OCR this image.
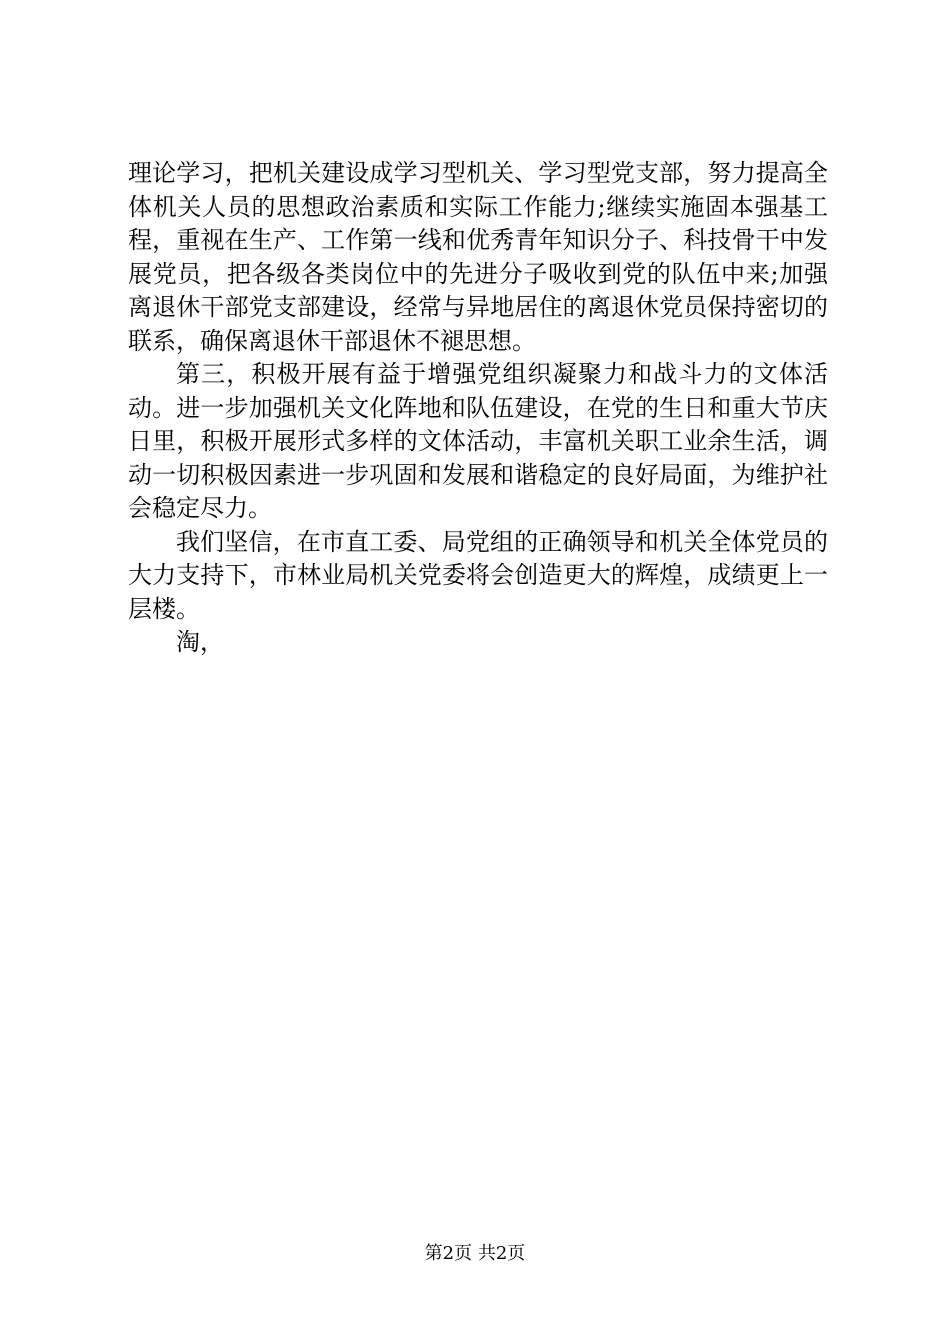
理论学习，把机关建设成学习型机关、学习型党支部，努力提高全体机关人员的思想政治素质和实际工作能力;继续实施固本强基工程，重视在生产、工作第一线和优秀青年知识分子、科技骨干中发展党员，把各级各类岗位中的先进分子吸收到党的队伍中来;加强离退休干部党支部建设，经常与异地居住的离退休党员保持密切的联系，确保离退休干部退休不褪思想。

第三，积极开展有益于增强党组织凝聚力和战斗力的文体活动。进一步加强机关文化阵地和队伍建设，在党的生日和重大节庆日里，积极开展形式多样的文体活动，丰富机关职工业余生活，调动一切积极因素进一步巩固和发展和谐稳定的良好局面，为维护社会稳定尽力。

我们坚信，在市直工委、局党组的正确领导和机关全体党员的大力支持下，市林业局机关党委将会创造更大的辉煌，成绩更上一层楼。

淘，

第2页 共2页
